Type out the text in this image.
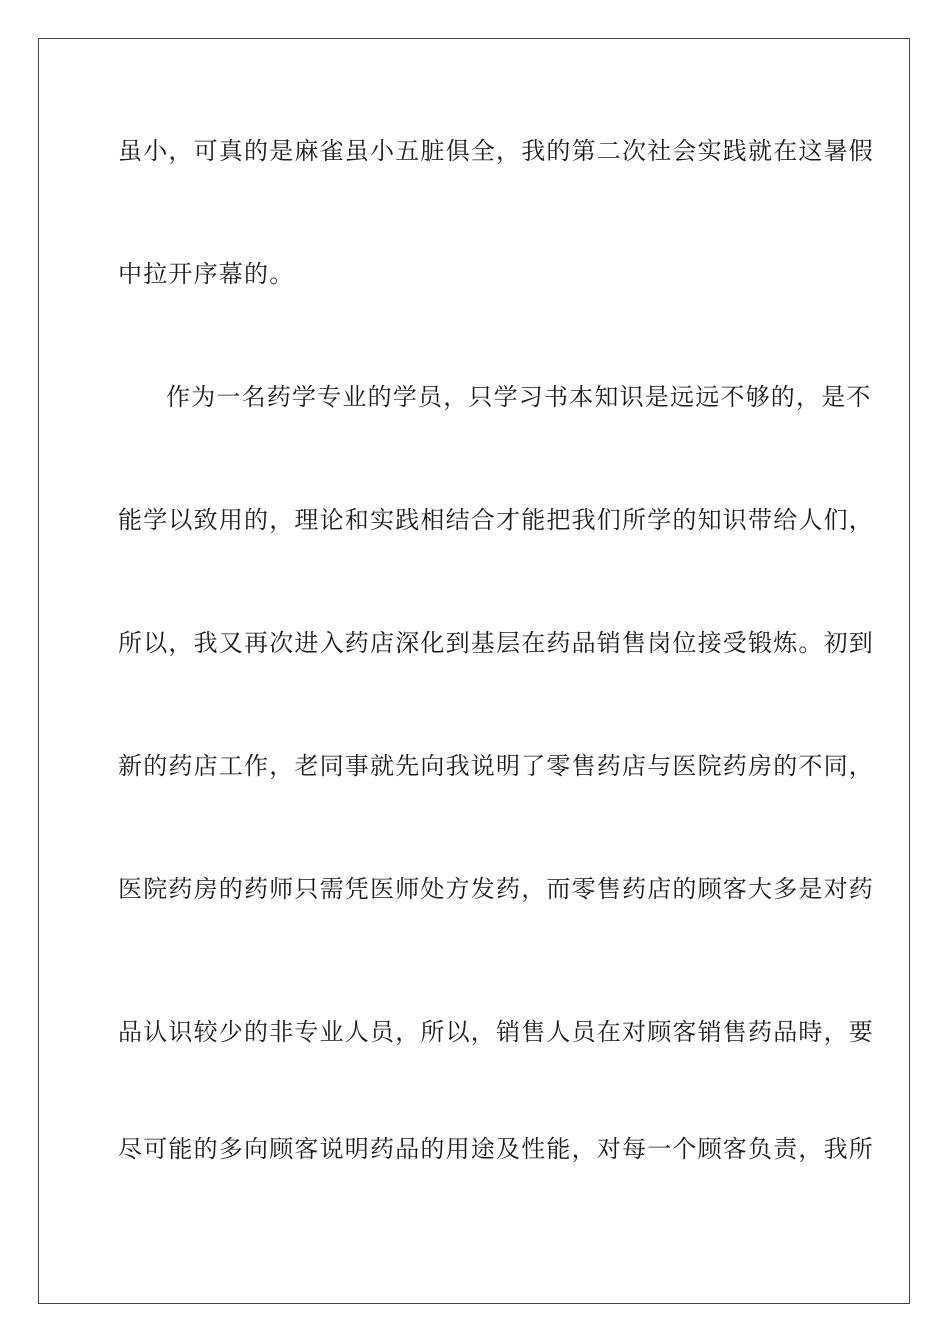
虽小，可真的是麻雀虽小五脏俱全，我的第二次社会实践就在这暑假
中拉开序幕的。
作为一名药学专业的学员，只学习书本知识是远远不够的，是不
能学以致用的，理论和实践相结合才能把我们所学的知识带给人们，
所以，我又再次进入药店深化到基层在药品销售岗位接受锻炼。初到
新的药店工作，老同事就先向我说明了零售药店与医院药房的不同，
医院药房的药师只需凭医师处方发药，而零售药店的顾客大多是对药
品认识较少的非专业人员，所以，销售人员在对顾客销售药品時，要
尽可能的多向顾客说明药品的用途及性能，对每一个顾客负责，我所
